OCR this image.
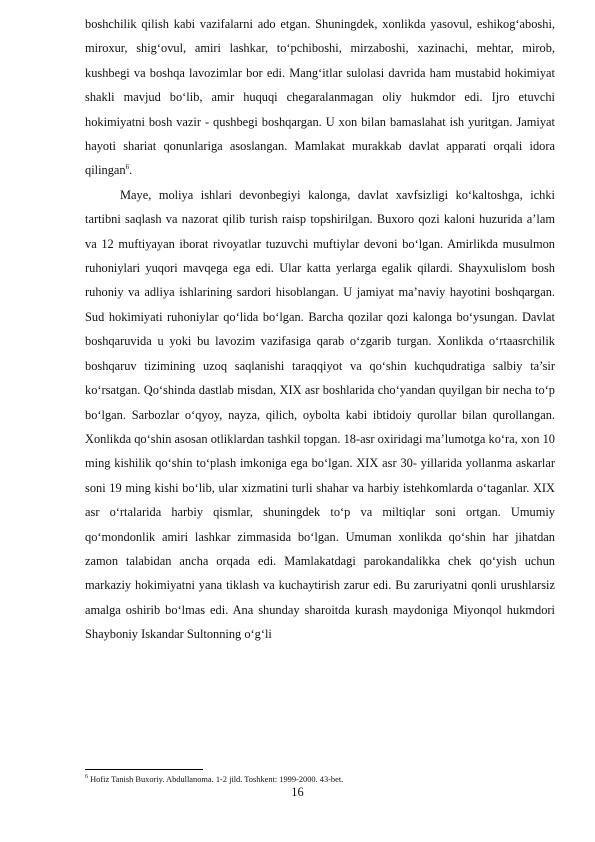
boshchilik qilish kabi vazifalarni ado etgan. Shuningdek, xonlikda yasovul, eshikog‘aboshi, miroxur, shig‘ovul, amiri lashkar, to‘pchiboshi, mirzaboshi, xazinachi, mehtar, mirob, kushbegi va boshqa lavozimlar bor edi. Mang‘itlar sulolasi davrida ham mustabid hokimiyat shakli mavjud bo‘lib, amir huquqi chegaralanmagan oliy hukmdor edi. Ijro etuvchi hokimiyatni bosh vazir - qushbegi boshqargan. U xon bilan bamaslahat ish yuritgan. Jamiyat hayoti shariat qonunlariga asoslangan. Mamlakat murakkab davlat apparati orqali idora qilingan$^6$.

Maye, moliya ishlari devonbegiyi kalonga, davlat xavfsizligi ko‘kaltoshga, ichki tartibni saqlash va nazorat qilib turish raisp topshirilgan. Buxoro qozi kaloni huzurida a’lam va 12 muftiyayan iborat rivoyatlar tuzuvchi muftiylar devoni bo‘lgan. Amirlikda musulmon ruhoniylari yuqori mavqega ega edi. Ular katta yerlarga egalik qilardi. Shayxulislom bosh ruhoniy va adliya ishlarining sardori hisoblangan. U jamiyat ma’naviy hayotini boshqargan. Sud hokimiyati ruhoniylar qo‘lida bo‘lgan. Barcha qozilar qozi kalonga bo‘ysungan. Davlat boshqaruvida u yoki bu lavozim vazifasiga qarab o‘zgarib turgan. Xonlikda o‘rtaasrchilik boshqaruv tizimining uzoq saqlanishi taraqqiyot va qo‘shin kuchqudratiga salbiy ta’sir ko‘rsatgan. Qo‘shinda dastlab misdan, XIX asr boshlarida cho‘yandan quyilgan bir necha to‘p bo‘lgan. Sarbozlar o‘qyoy, nayza, qilich, oybolta kabi ibtidoiy qurollar bilan qurollangan. Xonlikda qo‘shin asosan otliklardan tashkil topgan. 18-asr oxiridagi ma’lumotga ko‘ra, xon 10 ming kishilik qo‘shin to‘plash imkoniga ega bo‘lgan. XIX asr 30- yillarida yollanma askarlar soni 19 ming kishi bo‘lib, ular xizmatini turli shahar va harbiy istehkomlarda o‘taganlar. XIX asr o‘rtalarida harbiy qismlar, shuningdek to‘p va miltiqlar soni ortgan. Umumiy qo‘mondonlik amiri lashkar zimmasida bo‘lgan. Umuman xonlikda qo‘shin har jihatdan zamon talabidan ancha orqada edi. Mamlakatdagi parokandalikka chek qo‘yish uchun markaziy hokimiyatni yana tiklash va kuchaytirish zarur edi. Bu zaruriyatni qonli urushlarsiz amalga oshirib bo‘lmas edi. Ana shunday sharoitda kurash maydoniga Miyonqol hukmdori Shayboniy Iskandar Sultonning o‘g‘li

$^6$ Hofiz Tanish Buxoriy. Abdullanoma. 1-2 jild. Toshkent: 1999-2000. 43-bet.
16
